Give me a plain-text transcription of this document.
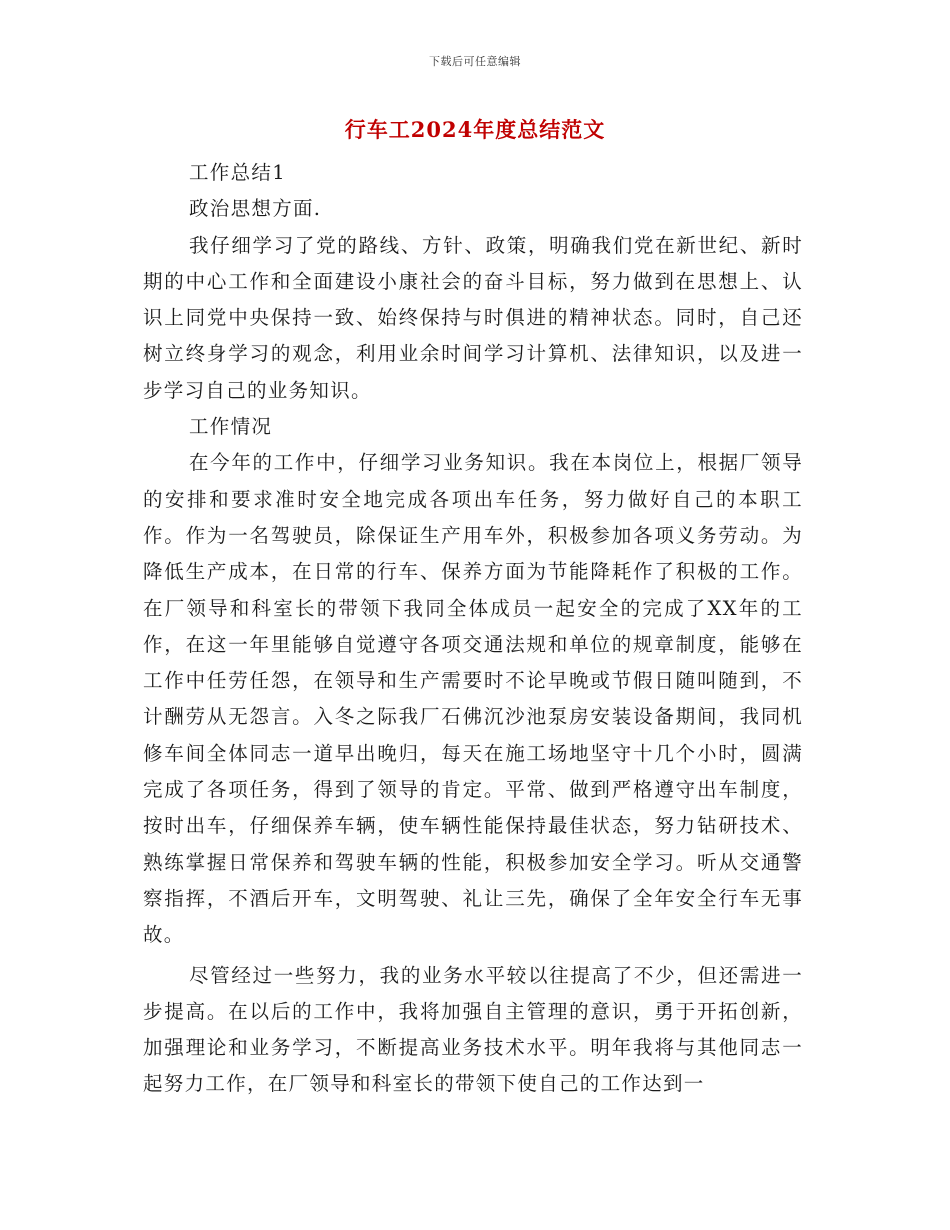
下载后可任意编辑
行车工2024年度总结范文

工作总结1

政治思想方面.

我仔细学习了党的路线、方针、政策，明确我们党在新世纪、新时期的中心工作和全面建设小康社会的奋斗目标，努力做到在思想上、认识上同党中央保持一致、始终保持与时俱进的精神状态。同时，自己还树立终身学习的观念，利用业余时间学习计算机、法律知识，以及进一步学习自己的业务知识。

工作情况

在今年的工作中，仔细学习业务知识。我在本岗位上，根据厂领导的安排和要求准时安全地完成各项出车任务，努力做好自己的本职工作。作为一名驾驶员，除保证生产用车外，积极参加各项义务劳动。为降低生产成本，在日常的行车、保养方面为节能降耗作了积极的工作。在厂领导和科室长的带领下我同全体成员一起安全的完成了XX年的工作，在这一年里能够自觉遵守各项交通法规和单位的规章制度，能够在工作中任劳任怨，在领导和生产需要时不论早晚或节假日随叫随到，不计酬劳从无怨言。入冬之际我厂石佛沉沙池泵房安装设备期间，我同机修车间全体同志一道早出晚归，每天在施工场地坚守十几个小时，圆满完成了各项任务，得到了领导的肯定。平常、做到严格遵守出车制度，按时出车，仔细保养车辆，使车辆性能保持最佳状态，努力钻研技术、熟练掌握日常保养和驾驶车辆的性能，积极参加安全学习。听从交通警察指挥，不酒后开车，文明驾驶、礼让三先，确保了全年安全行车无事故。

尽管经过一些努力，我的业务水平较以往提高了不少，但还需进一步提高。在以后的工作中，我将加强自主管理的意识，勇于开拓创新，加强理论和业务学习，不断提高业务技术水平。明年我将与其他同志一起努力工作，在厂领导和科室长的带领下使自己的工作达到一
